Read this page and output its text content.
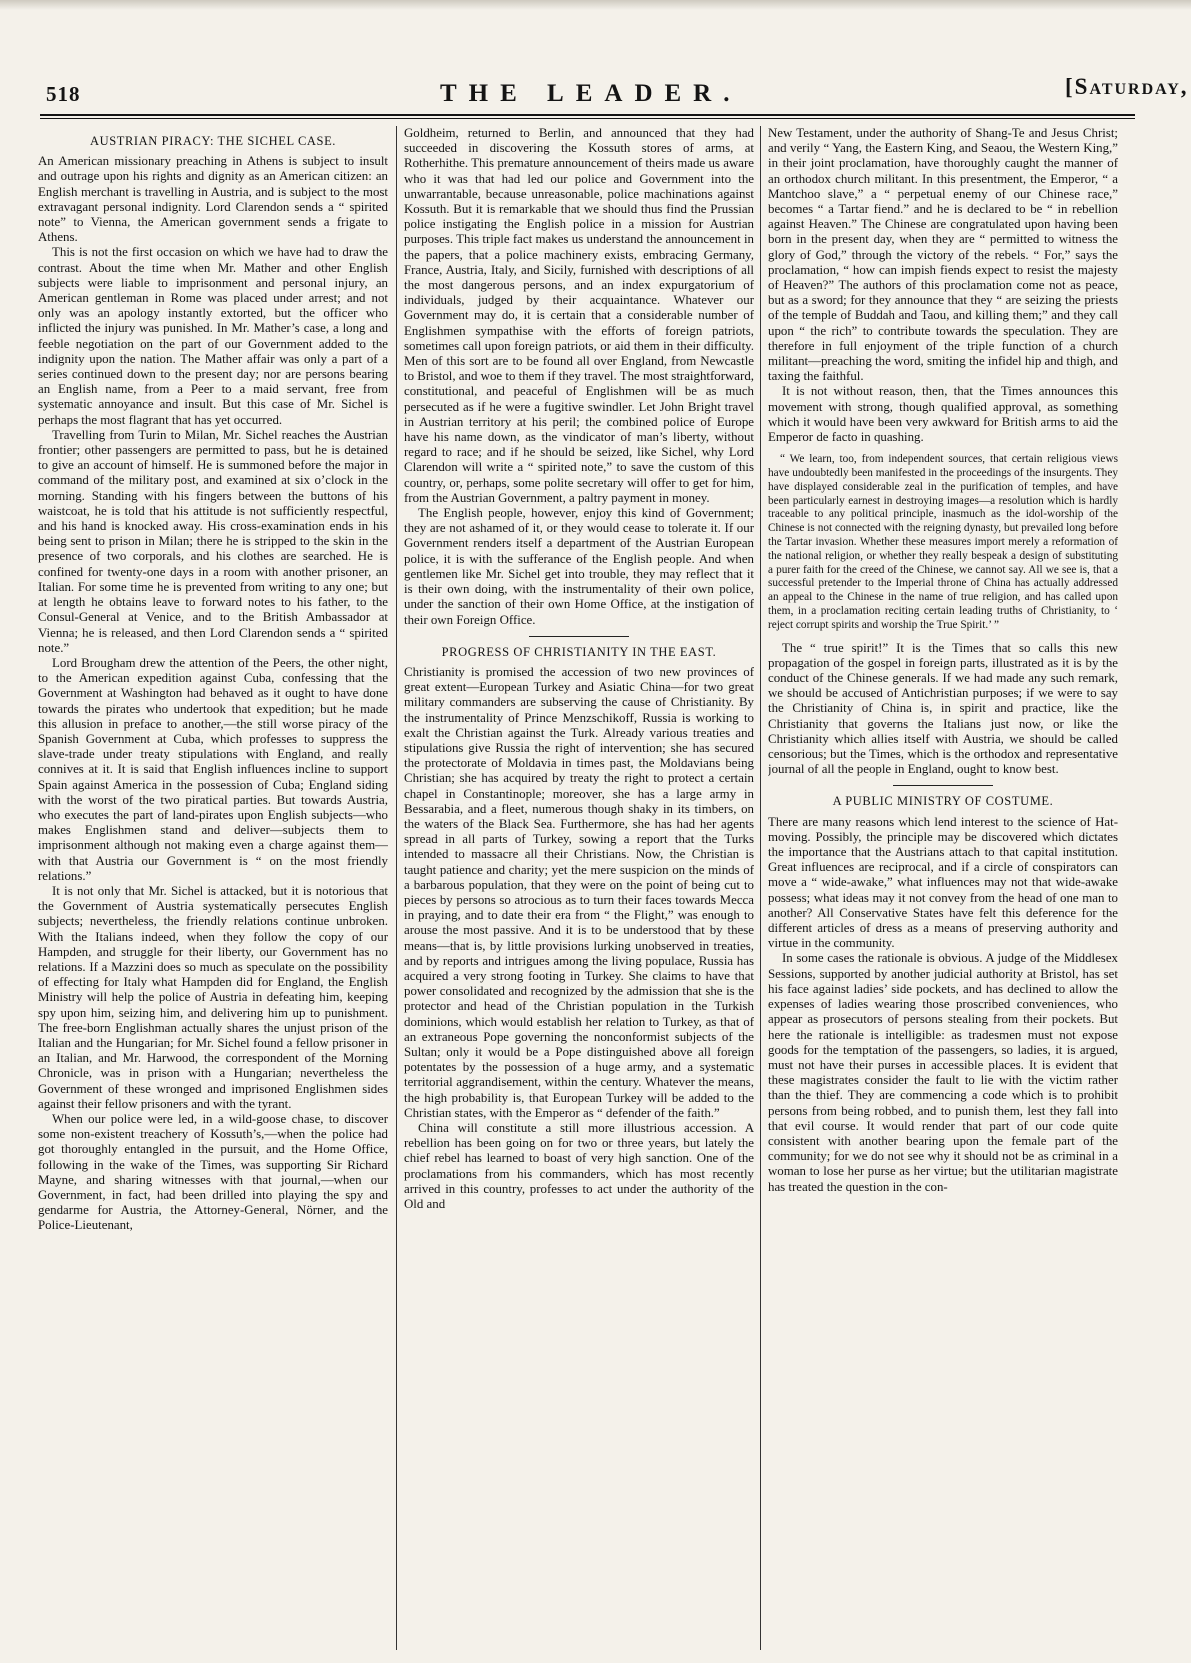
518	THE LEADER.	[Saturday,
AUSTRIAN PIRACY: THE SICHEL CASE.

An American missionary preaching in Athens is subject to insult and outrage upon his rights and dignity as an American citizen: an English merchant is travelling in Austria, and is subject to the most extravagant personal indignity. Lord Clarendon sends a “ spirited note” to Vienna, the American government sends a frigate to Athens.

This is not the first occasion on which we have had to draw the contrast. About the time when Mr. Mather and other English subjects were liable to imprisonment and personal injury, an American gentleman in Rome was placed under arrest; and not only was an apology instantly extorted, but the officer who inflicted the injury was punished. In Mr. Mather’s case, a long and feeble negotiation on the part of our Government added to the indignity upon the nation. The Mather affair was only a part of a series continued down to the present day; nor are persons bearing an English name, from a Peer to a maid servant, free from systematic annoyance and insult. But this case of Mr. Sichel is perhaps the most flagrant that has yet occurred.

Travelling from Turin to Milan, Mr. Sichel reaches the Austrian frontier; other passengers are permitted to pass, but he is detained to give an account of himself. He is summoned before the major in command of the military post, and examined at six o’clock in the morning. Standing with his fingers between the buttons of his waistcoat, he is told that his attitude is not sufficiently respectful, and his hand is knocked away. His cross-examination ends in his being sent to prison in Milan; there he is stripped to the skin in the presence of two corporals, and his clothes are searched. He is confined for twenty-one days in a room with another prisoner, an Italian. For some time he is prevented from writing to any one; but at length he obtains leave to forward notes to his father, to the Consul-General at Venice, and to the British Ambassador at Vienna; he is released, and then Lord Clarendon sends a “ spirited note.”

Lord Brougham drew the attention of the Peers, the other night, to the American expedition against Cuba, confessing that the Government at Washington had behaved as it ought to have done towards the pirates who undertook that expedition; but he made this allusion in preface to another,—the still worse piracy of the Spanish Government at Cuba, which professes to suppress the slave-trade under treaty stipulations with England, and really connives at it. It is said that English influences incline to support Spain against America in the possession of Cuba; England siding with the worst of the two piratical parties. But towards Austria, who executes the part of land-pirates upon English subjects—who makes Englishmen stand and deliver—subjects them to imprisonment although not making even a charge against them—with that Austria our Government is “ on the most friendly relations.”

It is not only that Mr. Sichel is attacked, but it is notorious that the Government of Austria systematically persecutes English subjects; nevertheless, the friendly relations continue unbroken. With the Italians indeed, when they follow the copy of our Hampden, and struggle for their liberty, our Government has no relations. If a Mazzini does so much as speculate on the possibility of effecting for Italy what Hampden did for England, the English Ministry will help the police of Austria in defeating him, keeping spy upon him, seizing him, and delivering him up to punishment. The free-born Englishman actually shares the unjust prison of the Italian and the Hungarian; for Mr. Sichel found a fellow prisoner in an Italian, and Mr. Harwood, the correspondent of the Morning Chronicle, was in prison with a Hungarian; nevertheless the Government of these wronged and imprisoned Englishmen sides against their fellow prisoners and with the tyrant.

When our police were led, in a wild-goose chase, to discover some non-existent treachery of Kossuth’s,—when the police had got thoroughly entangled in the pursuit, and the Home Office, following in the wake of the Times, was supporting Sir Richard Mayne, and sharing witnesses with that journal,—when our Government, in fact, had been drilled into playing the spy and gendarme for Austria, the Attorney-General, Nörner, and the Police-Lieutenant,

Goldheim, returned to Berlin, and announced that they had succeeded in discovering the Kossuth stores of arms, at Rotherhithe. This premature announcement of theirs made us aware who it was that had led our police and Government into the unwarrantable, because unreasonable, police machinations against Kossuth. But it is remarkable that we should thus find the Prussian police instigating the English police in a mission for Austrian purposes. This triple fact makes us understand the announcement in the papers, that a police machinery exists, embracing Germany, France, Austria, Italy, and Sicily, furnished with descriptions of all the most dangerous persons, and an index expurgatorium of individuals, judged by their acquaintance. Whatever our Government may do, it is certain that a considerable number of Englishmen sympathise with the efforts of foreign patriots, sometimes call upon foreign patriots, or aid them in their difficulty. Men of this sort are to be found all over England, from Newcastle to Bristol, and woe to them if they travel. The most straightforward, constitutional, and peaceful of Englishmen will be as much persecuted as if he were a fugitive swindler. Let John Bright travel in Austrian territory at his peril; the combined police of Europe have his name down, as the vindicator of man’s liberty, without regard to race; and if he should be seized, like Sichel, why Lord Clarendon will write a “ spirited note,” to save the custom of this country, or, perhaps, some polite secretary will offer to get for him, from the Austrian Government, a paltry payment in money.

The English people, however, enjoy this kind of Government; they are not ashamed of it, or they would cease to tolerate it. If our Government renders itself a department of the Austrian European police, it is with the sufferance of the English people. And when gentlemen like Mr. Sichel get into trouble, they may reflect that it is their own doing, with the instrumentality of their own police, under the sanction of their own Home Office, at the instigation of their own Foreign Office.

PROGRESS OF CHRISTIANITY IN THE EAST.

Christianity is promised the accession of two new provinces of great extent—European Turkey and Asiatic China—for two great military commanders are subserving the cause of Christianity. By the instrumentality of Prince Menzschikoff, Russia is working to exalt the Christian against the Turk. Already various treaties and stipulations give Russia the right of intervention; she has secured the protectorate of Moldavia in times past, the Moldavians being Christian; she has acquired by treaty the right to protect a certain chapel in Constantinople; moreover, she has a large army in Bessarabia, and a fleet, numerous though shaky in its timbers, on the waters of the Black Sea. Furthermore, she has had her agents spread in all parts of Turkey, sowing a report that the Turks intended to massacre all their Christians. Now, the Christian is taught patience and charity; yet the mere suspicion on the minds of a barbarous population, that they were on the point of being cut to pieces by persons so atrocious as to turn their faces towards Mecca in praying, and to date their era from “ the Flight,” was enough to arouse the most passive. And it is to be understood that by these means—that is, by little provisions lurking unobserved in treaties, and by reports and intrigues among the living populace, Russia has acquired a very strong footing in Turkey. She claims to have that power consolidated and recognized by the admission that she is the protector and head of the Christian population in the Turkish dominions, which would establish her relation to Turkey, as that of an extraneous Pope governing the nonconformist subjects of the Sultan; only it would be a Pope distinguished above all foreign potentates by the possession of a huge army, and a systematic territorial aggrandisement, within the century. Whatever the means, the high probability is, that European Turkey will be added to the Christian states, with the Emperor as “ defender of the faith.”

China will constitute a still more illustrious accession. A rebellion has been going on for two or three years, but lately the chief rebel has learned to boast of very high sanction. One of the proclamations from his commanders, which has most recently arrived in this country, professes to act under the authority of the Old and

New Testament, under the authority of Shang-Te and Jesus Christ; and verily “ Yang, the Eastern King, and Seaou, the Western King,” in their joint proclamation, have thoroughly caught the manner of an orthodox church militant. In this presentment, the Emperor, “ a Mantchoo slave,” a “ perpetual enemy of our Chinese race,” becomes “ a Tartar fiend.” and he is declared to be “ in rebellion against Heaven.” The Chinese are congratulated upon having been born in the present day, when they are “ permitted to witness the glory of God,” through the victory of the rebels. “ For,” says the proclamation, “ how can impish fiends expect to resist the majesty of Heaven?” The authors of this proclamation come not as peace, but as a sword; for they announce that they “ are seizing the priests of the temple of Buddah and Taou, and killing them;” and they call upon “ the rich” to contribute towards the speculation. They are therefore in full enjoyment of the triple function of a church militant—preaching the word, smiting the infidel hip and thigh, and taxing the faithful.

It is not without reason, then, that the Times announces this movement with strong, though qualified approval, as something which it would have been very awkward for British arms to aid the Emperor de facto in quashing.

“ We learn, too, from independent sources, that certain religious views have undoubtedly been manifested in the proceedings of the insurgents. They have displayed considerable zeal in the purification of temples, and have been particularly earnest in destroying images—a resolution which is hardly traceable to any political principle, inasmuch as the idol-worship of the Chinese is not connected with the reigning dynasty, but prevailed long before the Tartar invasion. Whether these measures import merely a reformation of the national religion, or whether they really bespeak a design of substituting a purer faith for the creed of the Chinese, we cannot say. All we see is, that a successful pretender to the Imperial throne of China has actually addressed an appeal to the Chinese in the name of true religion, and has called upon them, in a proclamation reciting certain leading truths of Christianity, to ‘ reject corrupt spirits and worship the True Spirit.’ ”

The “ true spirit!” It is the Times that so calls this new propagation of the gospel in foreign parts, illustrated as it is by the conduct of the Chinese generals. If we had made any such remark, we should be accused of Antichristian purposes; if we were to say the Christianity of China is, in spirit and practice, like the Christianity that governs the Italians just now, or like the Christianity which allies itself with Austria, we should be called censorious; but the Times, which is the orthodox and representative journal of all the people in England, ought to know best.

A PUBLIC MINISTRY OF COSTUME.

There are many reasons which lend interest to the science of Hat-moving. Possibly, the principle may be discovered which dictates the importance that the Austrians attach to that capital institution. Great influences are reciprocal, and if a circle of conspirators can move a “ wide-awake,” what influences may not that wide-awake possess; what ideas may it not convey from the head of one man to another? All Conservative States have felt this deference for the different articles of dress as a means of preserving authority and virtue in the community.

In some cases the rationale is obvious. A judge of the Middlesex Sessions, supported by another judicial authority at Bristol, has set his face against ladies’ side pockets, and has declined to allow the expenses of ladies wearing those proscribed conveniences, who appear as prosecutors of persons stealing from their pockets. But here the rationale is intelligible: as tradesmen must not expose goods for the temptation of the passengers, so ladies, it is argued, must not have their purses in accessible places. It is evident that these magistrates consider the fault to lie with the victim rather than the thief. They are commencing a code which is to prohibit persons from being robbed, and to punish them, lest they fall into that evil course. It would render that part of our code quite consistent with another bearing upon the female part of the community; for we do not see why it should not be as criminal in a woman to lose her purse as her virtue; but the utilitarian magistrate has treated the question in the con-
